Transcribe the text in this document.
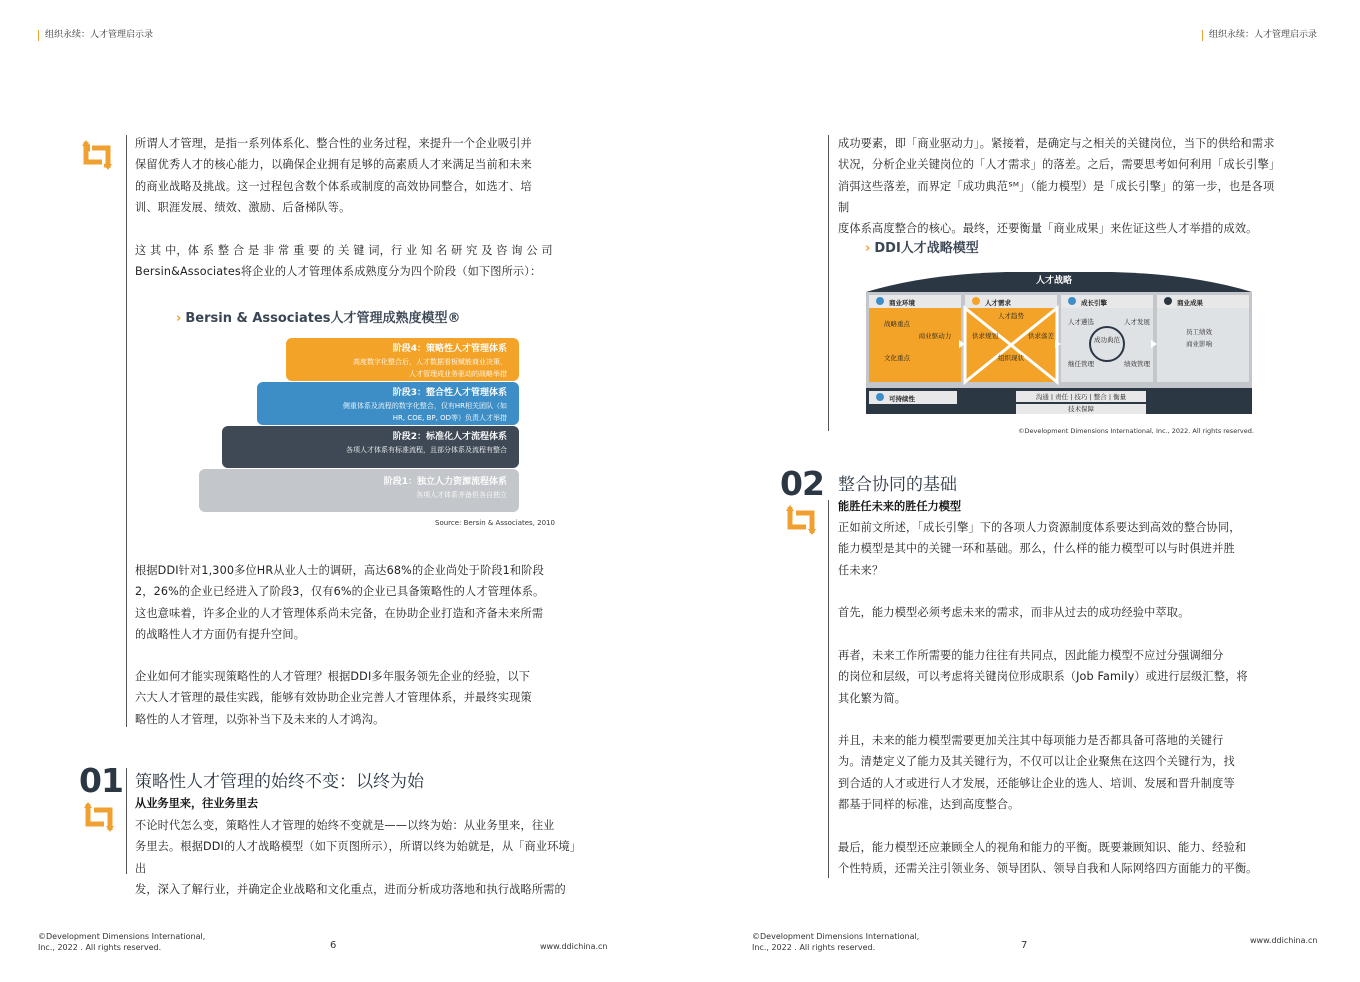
组织永续：人才管理启示录	组织永续：人才管理启示录

所谓人才管理，是指一系列体系化、整合性的业务过程，来提升一个企业吸引并

保留优秀人才的核心能力，以确保企业拥有足够的高素质人才来满足当前和未来

的商业战略及挑战。这一过程包含数个体系或制度的高效协同整合，如选才、培

训、职涯发展、绩效、激励、后备梯队等。

这 其 中，体 系 整 合 是 非 常 重 要 的 关 键 词，行 业 知 名 研 究 及 咨 询 公 司

Bersin&Associates将企业的人才管理体系成熟度分为四个阶段（如下图所示）：

› Bersin & Associates人才管理成熟度模型®
阶段4：策略性人才管理体系
高度数字化整合后，人才数据看板赋能商业决策，
人才管理成业务驱动的战略举措
阶段3：整合性人才管理体系
侧重体系及流程的数字化整合，仅有HR相关团队（如
HR, COE, BP, OD等）负责人才举措
阶段2：标准化人才流程体系
各项人才体系有标准流程，且部分体系及流程有整合
阶段1：独立人力资源流程体系
各项人才体系齐备但各自独立
Source: Bersin & Associates, 2010

根据DDI针对1,300多位HR从业人士的调研，高达68%的企业尚处于阶段1和阶段

2，26%的企业已经进入了阶段3，仅有6%的企业已具备策略性的人才管理体系。

这也意味着，许多企业的人才管理体系尚未完备，在协助企业打造和齐备未来所需

的战略性人才方面仍有提升空间。

企业如何才能实现策略性的人才管理？根据DDI多年服务领先企业的经验，以下

六大人才管理的最佳实践，能够有效协助企业完善人才管理体系，并最终实现策

略性的人才管理，以弥补当下及未来的人才鸿沟。

01 策略性人才管理的始终不变：以终为始
从业务里来，往业务里去

不论时代怎么变，策略性人才管理的始终不变就是——以终为始：从业务里来，往业

务里去。根据DDI的人才战略模型（如下页图所示），所谓以终为始就是，从「商业环境」出

发，深入了解行业，并确定企业战略和文化重点，进而分析成功落地和执行战略所需的

©Development Dimensions International,
Inc., 2022 . All rights reserved.	6	www.ddichina.cn

成功要素，即「商业驱动力」。紧接着，是确定与之相关的关键岗位，当下的供给和需求

状况，分析企业关键岗位的「人才需求」的落差。之后，需要思考如何利用「成长引擎」

消弭这些落差，而界定「成功典范ᔆᴹ」（能力模型）是「成长引擎」的第一步，也是各项制

度体系高度整合的核心。最终，还要衡量「商业成果」来佐证这些人才举措的成效。

› DDI人才战略模型
人才战略
商业环境	人才需求	成长引擎	商业成果
战略重点
商业驱动力
文化重点
人才趋势
供求规划
组织现状
供求落差
人才遴选	人才发展
成功典范
继任管理	绩效管理
员工绩效
商业影响
可持续性	沟通 | 责任 | 技巧 | 整合 | 衡量
技术保障
©Development Dimensions International, Inc., 2022. All rights reserved.
02 整合协同的基础
能胜任未来的胜任力模型

正如前文所述，「成长引擎」下的各项人力资源制度体系要达到高效的整合协同，

能力模型是其中的关键一环和基础。那么，什么样的能力模型可以与时俱进并胜

任未来？

首先，能力模型必须考虑未来的需求，而非从过去的成功经验中萃取。

再者，未来工作所需要的能力往往有共同点，因此能力模型不应过分强调细分

的岗位和层级，可以考虑将关键岗位形成职系（Job Family）或进行层级汇整，将

其化繁为简。

并且，未来的能力模型需要更加关注其中每项能力是否都具备可落地的关键行

为。清楚定义了能力及其关键行为，不仅可以让企业聚焦在这四个关键行为，找

到合适的人才或进行人才发展，还能够让企业的选人、培训、发展和晋升制度等

都基于同样的标准，达到高度整合。

最后，能力模型还应兼顾全人的视角和能力的平衡。既要兼顾知识、能力、经验和

个性特质，还需关注引领业务、领导团队、领导自我和人际网络四方面能力的平衡。

©Development Dimensions International,
Inc., 2022 . All rights reserved.	7	www.ddichina.cn
